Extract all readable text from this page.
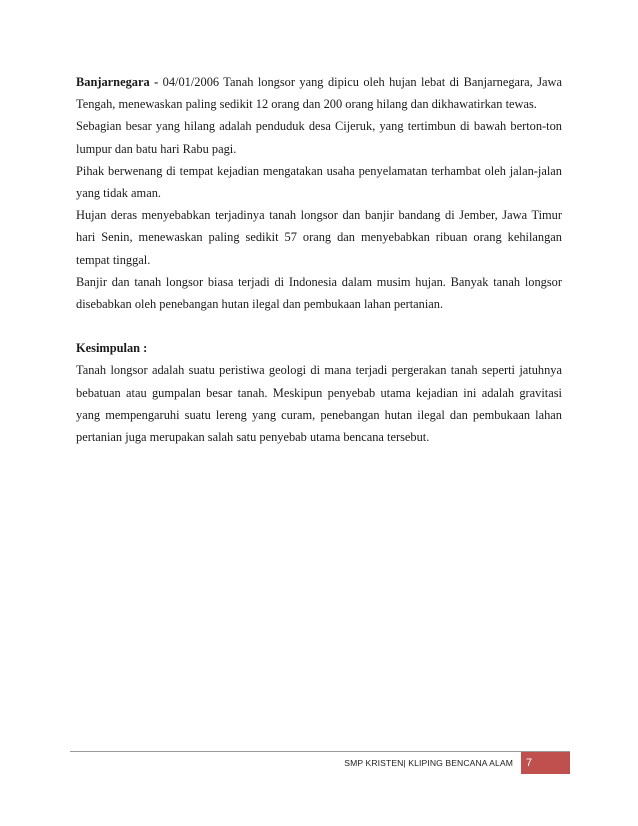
Banjarnegara - 04/01/2006 Tanah longsor yang dipicu oleh hujan lebat di Banjarnegara, Jawa Tengah, menewaskan paling sedikit 12 orang dan 200 orang hilang dan dikhawatirkan tewas.

Sebagian besar yang hilang adalah penduduk desa Cijeruk, yang tertimbun di bawah berton-ton lumpur dan batu hari Rabu pagi.

Pihak berwenang di tempat kejadian mengatakan usaha penyelamatan terhambat oleh jalan-jalan yang tidak aman.

Hujan deras menyebabkan terjadinya tanah longsor dan banjir bandang di Jember, Jawa Timur hari Senin, menewaskan paling sedikit 57 orang dan menyebabkan ribuan orang kehilangan tempat tinggal.

Banjir dan tanah longsor biasa terjadi di Indonesia dalam musim hujan. Banyak tanah longsor disebabkan oleh penebangan hutan ilegal dan pembukaan lahan pertanian.

Kesimpulan :

Tanah longsor adalah suatu peristiwa geologi di mana terjadi pergerakan tanah seperti jatuhnya bebatuan atau gumpalan besar tanah. Meskipun penyebab utama kejadian ini adalah gravitasi yang mempengaruhi suatu lereng yang curam, penebangan hutan ilegal dan pembukaan lahan pertanian juga merupakan salah satu penyebab utama bencana tersebut.

SMP KRISTEN| KLIPING BENCANA ALAM 7
